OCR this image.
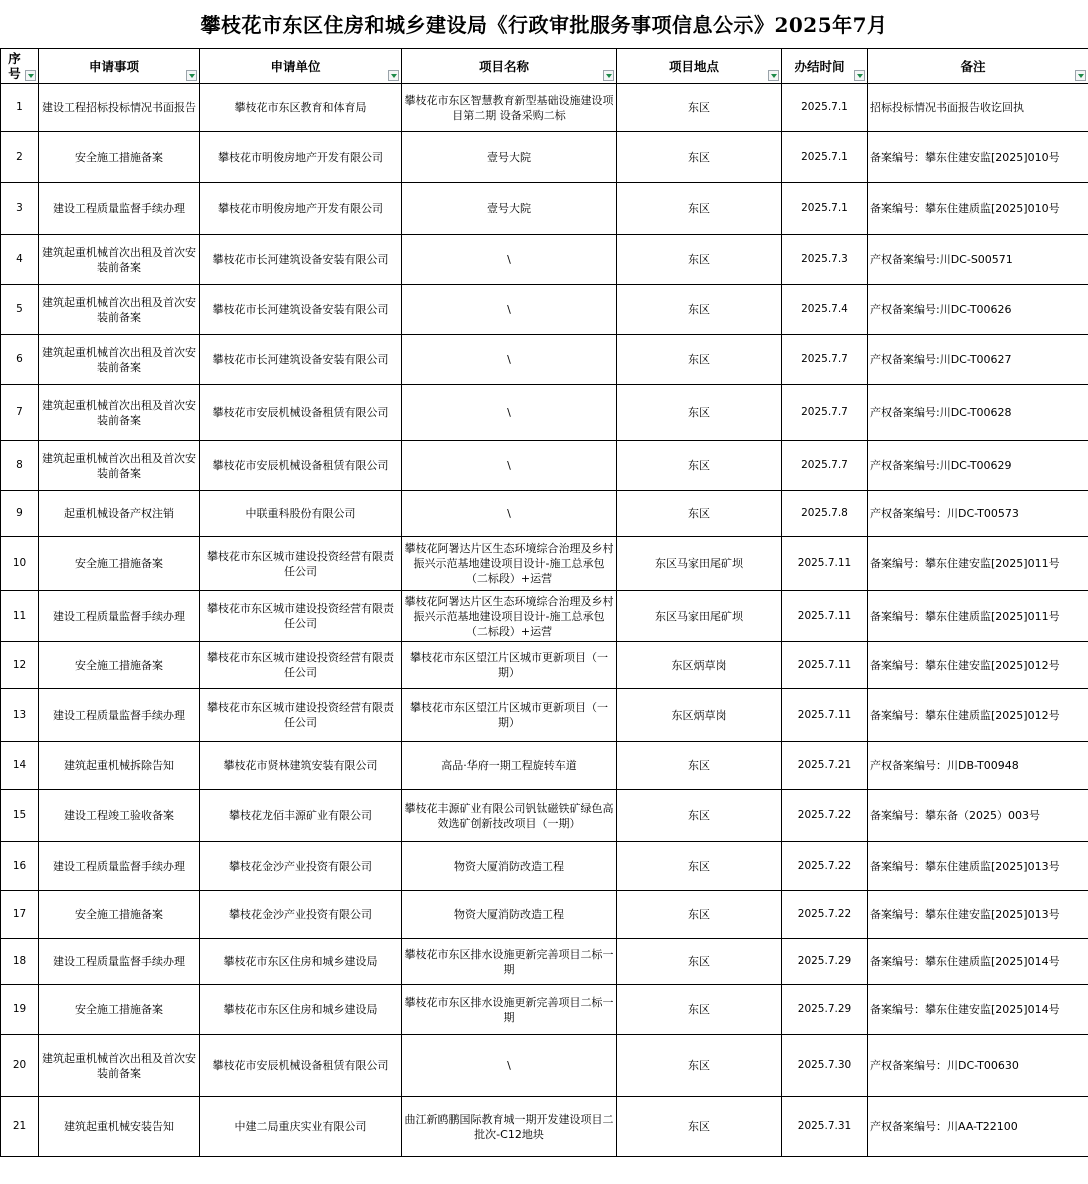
攀枝花市东区住房和城乡建设局《行政审批服务事项信息公示》2025年7月
序号	申请事项	申请单位	项目名称	项目地点	办结时间	备注

1	建设工程招标投标情况书面报告	攀枝花市东区教育和体育局	攀枝花市东区智慧教育新型基础设施建设项目第二期 设备采购二标	东区	2025.7.1	招标投标情况书面报告收讫回执
2	安全施工措施备案	攀枝花市明俊房地产开发有限公司	壹号大院	东区	2025.7.1	备案编号：攀东住建安监[2025]010号
3	建设工程质量监督手续办理	攀枝花市明俊房地产开发有限公司	壹号大院	东区	2025.7.1	备案编号：攀东住建质监[2025]010号
4	建筑起重机械首次出租及首次安装前备案	攀枝花市长河建筑设备安装有限公司	\	东区	2025.7.3	产权备案编号:川DC-S00571
5	建筑起重机械首次出租及首次安装前备案	攀枝花市长河建筑设备安装有限公司	\	东区	2025.7.4	产权备案编号:川DC-T00626
6	建筑起重机械首次出租及首次安装前备案	攀枝花市长河建筑设备安装有限公司	\	东区	2025.7.7	产权备案编号:川DC-T00627
7	建筑起重机械首次出租及首次安装前备案	攀枝花市安辰机械设备租赁有限公司	\	东区	2025.7.7	产权备案编号:川DC-T00628
8	建筑起重机械首次出租及首次安装前备案	攀枝花市安辰机械设备租赁有限公司	\	东区	2025.7.7	产权备案编号:川DC-T00629
9	起重机械设备产权注销	中联重科股份有限公司	\	东区	2025.7.8	产权备案编号：川DC-T00573
10	安全施工措施备案	攀枝花市东区城市建设投资经营有限责任公司	攀枝花阿署达片区生态环境综合治理及乡村振兴示范基地建设项目设计-施工总承包（二标段）+运营	东区马家田尾矿坝	2025.7.11	备案编号：攀东住建安监[2025]011号
11	建设工程质量监督手续办理	攀枝花市东区城市建设投资经营有限责任公司	攀枝花阿署达片区生态环境综合治理及乡村振兴示范基地建设项目设计-施工总承包（二标段）+运营	东区马家田尾矿坝	2025.7.11	备案编号：攀东住建质监[2025]011号
12	安全施工措施备案	攀枝花市东区城市建设投资经营有限责任公司	攀枝花市东区望江片区城市更新项目（一期）	东区炳草岗	2025.7.11	备案编号：攀东住建安监[2025]012号
13	建设工程质量监督手续办理	攀枝花市东区城市建设投资经营有限责任公司	攀枝花市东区望江片区城市更新项目（一期）	东区炳草岗	2025.7.11	备案编号：攀东住建质监[2025]012号
14	建筑起重机械拆除告知	攀枝花市贤林建筑安装有限公司	高品·华府一期工程旋转车道	东区	2025.7.21	产权备案编号：川DB-T00948
15	建设工程竣工验收备案	攀枝花龙佰丰源矿业有限公司	攀枝花丰源矿业有限公司钒钛磁铁矿绿色高效选矿创新技改项目（一期）	东区	2025.7.22	备案编号：攀东备（2025）003号
16	建设工程质量监督手续办理	攀枝花金沙产业投资有限公司	物资大厦消防改造工程	东区	2025.7.22	备案编号：攀东住建质监[2025]013号
17	安全施工措施备案	攀枝花金沙产业投资有限公司	物资大厦消防改造工程	东区	2025.7.22	备案编号：攀东住建安监[2025]013号
18	建设工程质量监督手续办理	攀枝花市东区住房和城乡建设局	攀枝花市东区排水设施更新完善项目二标一期	东区	2025.7.29	备案编号：攀东住建质监[2025]014号
19	安全施工措施备案	攀枝花市东区住房和城乡建设局	攀枝花市东区排水设施更新完善项目二标一期	东区	2025.7.29	备案编号：攀东住建安监[2025]014号
20	建筑起重机械首次出租及首次安装前备案	攀枝花市安辰机械设备租赁有限公司	\	东区	2025.7.30	产权备案编号：川DC-T00630
21	建筑起重机械安装告知	中建二局重庆实业有限公司	曲江新鸥鹏国际教育城一期开发建设项目二批次-C12地块	东区	2025.7.31	产权备案编号：川AA-T22100
